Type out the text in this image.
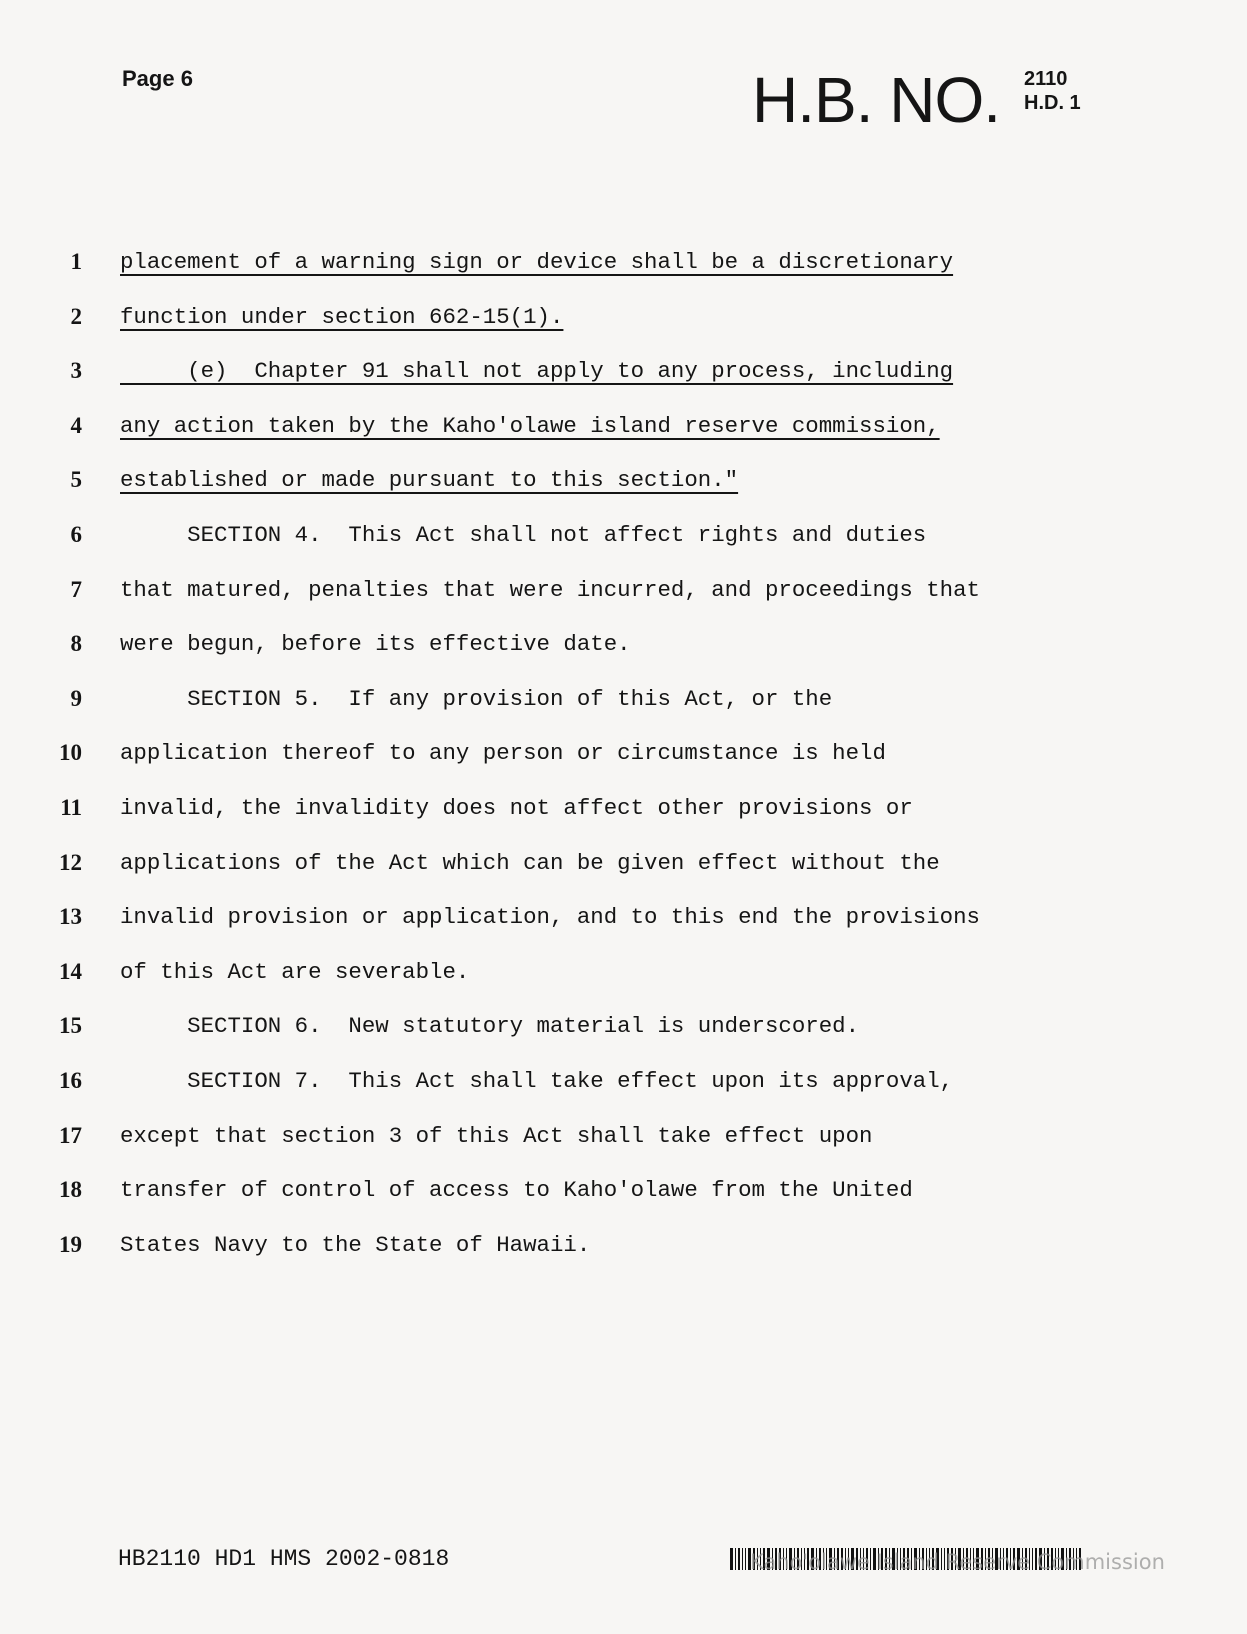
Page 6	H.B. NO. 2110
H.D. 1
1 placement of a warning sign or device shall be a discretionary
2 function under section 662-15(1).
3 (e)  Chapter 91 shall not apply to any process, including
4 any action taken by the Kaho'olawe island reserve commission,
5 established or made pursuant to this section."
6 SECTION 4.  This Act shall not affect rights and duties
7 that matured, penalties that were incurred, and proceedings that
8 were begun, before its effective date.
9 SECTION 5.  If any provision of this Act, or the
10 application thereof to any person or circumstance is held
11 invalid, the invalidity does not affect other provisions or
12 applications of the Act which can be given effect without the
13 invalid provision or application, and to this end the provisions
14 of this Act are severable.
15 SECTION 6.  New statutory material is underscored.
16 SECTION 7.  This Act shall take effect upon its approval,
17 except that section 3 of this Act shall take effect upon
18 transfer of control of access to Kaho'olawe from the United
19 States Navy to the State of Hawaii.
HB2110 HD1 HMS 2002-0818	Kaho'olawe Island Reserve Commission
